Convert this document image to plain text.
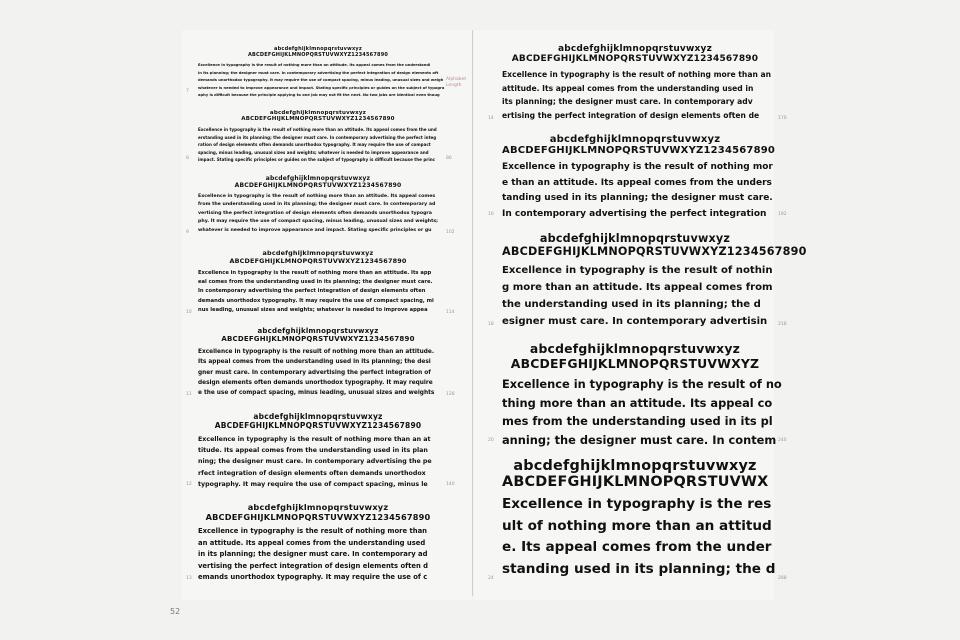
Alphabet
Length
abcdefghijklmnopqrstuvwxyz
ABCDEFGHIJKLMNOPQRSTUVWXYZ1234567890
Excellence in typography is the result of nothing more than an attitude. Its appeal comes from the understandi
in its planning; the designer must care. In contemporary advertising the perfect integration of design elements oft
demands unorthodox typography. It may require the use of compact spacing, minus leading, unusual sizes and weigh
whatever is needed to improve appearance and impact. Stating specific principles or guides on the subject of typogra
aphy is difficult because the principle applying to one job may not fit the next. No two jobs are identical even thoug
7
abcdefghijklmnopqrstuvwxyz
ABCDEFGHIJKLMNOPQRSTUVWXYZ1234567890
Excellence in typography is the result of nothing more than an attitude. Its appeal comes from the und
erstanding used in its planning; the designer must care. In contemporary advertising the perfect integ
ration of design elements often demands unorthodox typography. It may require the use of compact
spacing, minus leading, unusual sizes and weights; whatever is needed to improve appearance and
impact. Stating specific principles or guides on the subject of typography is difficult because the princ
8	86
abcdefghijklmnopqrstuvwxyz
ABCDEFGHIJKLMNOPQRSTUVWXYZ1234567890
Excellence in typography is the result of nothing more than an attitude. Its appeal comes
from the understanding used in its planning; the designer must care. In contemporary ad
vertising the perfect integration of design elements often demands unorthodox typogra
phy. It may require the use of compact spacing, minus leading, unusual sizes and weights;
whatever is needed to improve appearance and impact. Stating specific principles or gu
9	102
abcdefghijklmnopqrstuvwxyz
ABCDEFGHIJKLMNOPQRSTUVWXYZ1234567890
Excellence in typography is the result of nothing more than an attitude. Its app
eal comes from the understanding used in its planning; the designer must care.
In contemporary advertising the perfect integration of design elements often
demands unorthodox typography. It may require the use of compact spacing, mi
nus leading, unusual sizes and weights; whatever is needed to improve appea
10	114
abcdefghijklmnopqrstuvwxyz
ABCDEFGHIJKLMNOPQRSTUVWXYZ1234567890
Excellence in typography is the result of nothing more than an attitude.
Its appeal comes from the understanding used in its planning; the desi
gner must care. In contemporary advertising the perfect integration of
design elements often demands unorthodox typography. It may require
e the use of compact spacing, minus leading, unusual sizes and weights
11	128
abcdefghijklmnopqrstuvwxyz
ABCDEFGHIJKLMNOPQRSTUVWXYZ1234567890
Excellence in typography is the result of nothing more than an at
titude. Its appeal comes from the understanding used in its plan
ning; the designer must care. In contemporary advertising the pe
rfect integration of design elements often demands unorthodox
typography. It may require the use of compact spacing, minus le
12	140
abcdefghijklmnopqrstuvwxyz
ABCDEFGHIJKLMNOPQRSTUVWXYZ1234567890
Excellence in typography is the result of nothing more than
an attitude. Its appeal comes from the understanding used
in its planning; the designer must care. In contemporary ad
vertising the perfect integration of design elements often d
emands unorthodox typography. It may require the use of c
13
abcdefghijklmnopqrstuvwxyz
ABCDEFGHIJKLMNOPQRSTUVWXYZ1234567890
Excellence in typography is the result of nothing more than an
attitude. Its appeal comes from the understanding used in
its planning; the designer must care. In contemporary adv
ertising the perfect integration of design elements often de
14	170
abcdefghijklmnopqrstuvwxyz
ABCDEFGHIJKLMNOPQRSTUVWXYZ1234567890
Excellence in typography is the result of nothing mor
e than an attitude. Its appeal comes from the unders
tanding used in its planning; the designer must care.
In contemporary advertising the perfect integration
16	192
abcdefghijklmnopqrstuvwxyz
ABCDEFGHIJKLMNOPQRSTUVWXYZ1234567890
Excellence in typography is the result of nothin
g more than an attitude. Its appeal comes from
the understanding used in its planning; the d
esigner must care. In contemporary advertisin
18	218
abcdefghijklmnopqrstuvwxyz
ABCDEFGHIJKLMNOPQRSTUVWXYZ
Excellence in typography is the result of no
thing more than an attitude. Its appeal co
mes from the understanding used in its pl
anning; the designer must care. In contem
20	240
abcdefghijklmnopqrstuvwxyz
ABCDEFGHIJKLMNOPQRSTUVWX
Excellence in typography is the res
ult of nothing more than an attitud
e. Its appeal comes from the under
standing used in its planning; the d
24	288
52
